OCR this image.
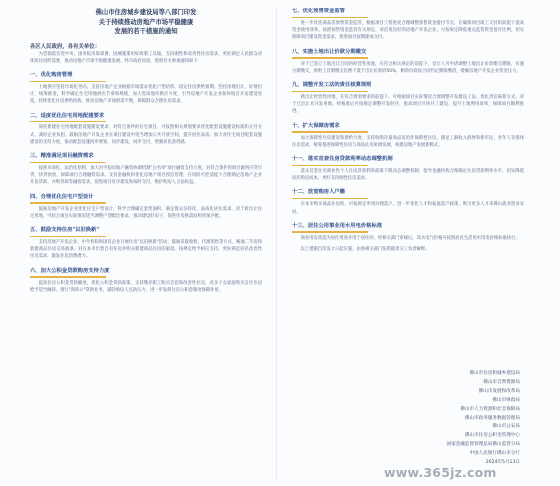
佛山市住房城乡建设局等八部门印发
关于持续推动房地产市场平稳健康
发展的若干措施的通知
各区人民政府，各有关单位：

为贯彻落实党中央、国务院决策部署，因城施策用好政策工具箱，支持刚性和改善性住房需求，更好满足人民群众对优质住房的需要，推动房地产市场平稳健康发展，经市政府同意，现将有关事项通知如下：

一、优化购房管理

土地供应坚持市场化导向，支持房地产企业根据市场需求优化户型结构，稳定住房供给预期。坚持净地出让、好地出让，统筹推进，科学确定住宅用地供应节奏和规模，加大优质地块供应力度，引导房地产开发企业加快项目开发建设进度。持续优化住房供给结构，推动房地产市场供需平衡，保障群众合理住房需求。

二、适度优化住宅用地配建要求

简化新建住宅用地配套设施建设要求，对符合条件的住宅项目，可按照相关规划要求优化配套设施建设标准和交付方式，减轻企业负担。鼓励房地产开发企业在项目建设中适当增加公共开放空间，提升居住品质。加大对住宅项目配套设施建设的支持力度，推动配套设施同步规划、同步建设、同步交付，增强居民获得感。

三、精准满足项目融资需求

按照市场化、法治化原则，加大对平稳房地产融资协调机制"白名单"项目融资支持力度，对符合条件的项目做到应贷尽贷、快贷快放，保障项目合理融资需求。支持金融机构优化房地产项目授信管理，在风险可控前提下合理满足房地产企业开发贷款、并购贷款等融资需求，促进项目有序建设和按时交付，维护购房人合法权益。

四、合理优化住宅户型设计

鼓励房地产开发企业优化住宅户型设计，科学合理确定套型面积，满足群众多样化、品质化居住需求。对于新出让住宅用地，可结合项目实际情况适当调整户型配比要求，推动建设好房子，促进住房供需结构更加匹配。

五、鼓励支持住房"以旧换新"

支持房地产开发企业、中介机构和国有企业开展住房"以旧换新"活动，鼓励采取收购、代理销售等方式，畅通二手房和新建商品住房交易链条，对在本市出售自有住房并购买新建商品住房的家庭，按规定给予相应支持，更好满足居民改善性住房需求，激发住房消费潜力。

六、加大公积金贷款购房支持力度

提高住房公积金贷款额度，优化公积金贷款政策，支持缴存职工购买首套和改善性住房，对多子女家庭购买自住住房给予适当倾斜。推行"商转公"贷款业务，减轻购房人还款压力，进一步发挥住房公积金制度保障作用。

七、优化预售资金监管

进一步优化商品房预售资金监管，根据项目工程进度合理调整预售资金拨付节点，在确保项目竣工交付的前提下提高资金使用效率。按照预售资金监管有关规定，对信用良好的房地产开发企业，可按规定降低重点监管资金留存比例，切实保障项目建设资金需求，促进项目按期建成交付。

八、实施土地出让价款分期缴交

对于已签订土地出让合同的经营性用地，在符合相关规定的前提下，受让人可申请调整土地出让价款缴交期限，实施分期缴交，原则上首期缴交比例不低于出让价款的50%，剩余价款按合同约定期限缴清，缓解房地产开发企业资金压力。

九、调整开发工法的责任核算规则

新出让经营性用地，在符合规划要求的前提下，可根据项目实际情况合理调整开发建设工法，优化责任核算方式。对于已出让未开发用地，经核准后可按规定调整开发时序，推动项目尽快开工建设，提升土地利用效率，保障项目顺利推进。

十、扩大保障房需求

加大保障性住房建设和供给力度，支持收购存量商品房用作保障性住房，满足工薪收入群体和新市民、青年人等群体住房需求，统筹推进保障性住房与商品住房协调发展，构建房地产发展新模式。

十一、落实首套住房贷款利率动态调整机制

落实首套住房商业性个人住房贷款利率政策下限动态调整机制，指导金融机构合理确定住房贷款利率水平，切实降低居民购房成本，更好支持刚性住房需求。

十二、放宽购房人户籍

在本市购买商品住房的，可按规定申请办理落户，进一步优化人才和家庭落户政策，吸引更多人才来佛山就业创业安居。

十三、居住公用事业用水用电价格标准

商业用房改造为居住用途并用于居住的，经相关部门审核后，其水电气价格可按照居民生活用水用电价格标准执行。

以上措施自印发之日起实施，由各相关部门按照职责分工负责解释。

佛山市住房和城乡建设局
佛山市自然资源局
佛山市发展和改革局
佛山市财政局
佛山市人力资源和社会保障局
佛山市政务服务数据管理局
佛山市公安局
佛山市住房公积金管理中心
国家金融监督管理总局佛山监管分局
中国人民银行佛山市分行
2024年5月13日
www.365jz.com
